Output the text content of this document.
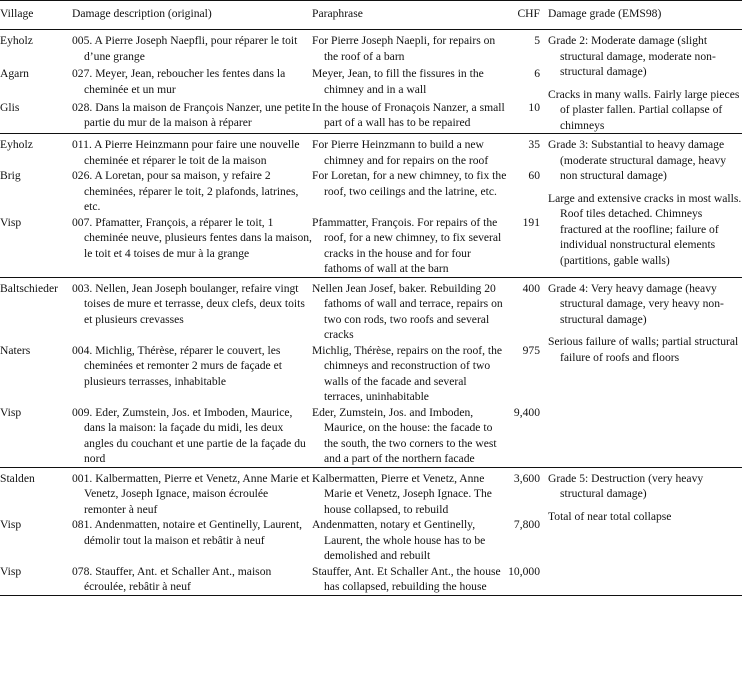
Village	Damage description (original)	Paraphrase	CHF	Damage grade (EMS98)
Eyholz	005. A Pierre Joseph Naepfli, pour réparer le toit d’une grange	For Pierre Joseph Naepli, for repairs on the roof of a barn	5	Grade 2: Moderate damage (slight structural damage, moderate non-structural damage)
Cracks in many walls. Fairly large pieces of plaster fallen. Partial collapse of chimneys

Agarn	027. Meyer, Jean, reboucher les fentes dans la cheminée et un mur	Meyer, Jean, to fill the fissures in the chimney and in a wall	6	
Glis	028. Dans la maison de François Nanzer, une petite partie du mur de la maison à réparer	In the house of Fronaçois Nanzer, a small part of a wall has to be repaired	10	
Eyholz	011. A Pierre Heinzmann pour faire une nouvelle cheminée et réparer le toit de la maison	For Pierre Heinzmann to build a new chimney and for repairs on the roof	35	Grade 3: Substantial to heavy damage (moderate structural damage, heavy non structural damage)
Large and extensive cracks in most walls. Roof tiles detached. Chimneys fractured at the roofline; failure of individual nonstructural elements (partitions, gable walls)

Brig	026. A Loretan, pour sa maison, y refaire 2 cheminées, réparer le toit, 2 plafonds, latrines, etc.	For Loretan, for a new chimney, to fix the roof, two ceilings and the latrine, etc.	60	
Visp	007. Pfamatter, François, a réparer le toit, 1 cheminée neuve, plusieurs fentes dans la maison, le toit et 4 toises de mur à la grange	Pfammatter, François. For repairs of the roof, for a new chimney, to fix several cracks in the house and for four fathoms of wall at the barn	191	
Baltschieder	003. Nellen, Jean Joseph boulanger, refaire vingt toises de mure et terrasse, deux clefs, deux toits et plusieurs crevasses	Nellen Jean Josef, baker. Rebuilding 20 fathoms of wall and terrace, repairs on two con rods, two roofs and several cracks	400	Grade 4: Very heavy damage (heavy structural damage, very heavy non-structural damage)
Serious failure of walls; partial structural failure of roofs and floors

Naters	004. Michlig, Thérèse, réparer le couvert, les cheminées et remonter 2 murs de façade et plusieurs terrasses, inhabitable	Michlig, Thérèse, repairs on the roof, the chimneys and reconstruction of two walls of the facade and several terraces, uninhabitable	975	
Visp	009. Eder, Zumstein, Jos. et Imboden, Maurice, dans la maison: la façade du midi, les deux angles du couchant et une partie de la façade du nord	Eder, Zumstein, Jos. and Imboden, Maurice, on the house: the facade to the south, the two corners to the west and a part of the northern facade	9,400	
Stalden	001. Kalbermatten, Pierre et Venetz, Anne Marie et Venetz, Joseph Ignace, maison écroulée remonter à neuf	Kalbermatten, Pierre et Venetz, Anne Marie et Venetz, Joseph Ignace. The house collapsed, to rebuild	3,600	Grade 5: Destruction (very heavy structural damage)
Total of near total collapse

Visp	081. Andenmatten, notaire et Gentinelly, Laurent, démolir tout la maison et rebâtir à neuf	Andenmatten, notary et Gentinelly, Laurent, the whole house has to be demolished and rebuilt	7,800	
Visp	078. Stauffer, Ant. et Schaller Ant., maison écroulée, rebâtir à neuf	Stauffer, Ant. Et Schaller Ant., the house has collapsed, rebuilding the house	10,000	
